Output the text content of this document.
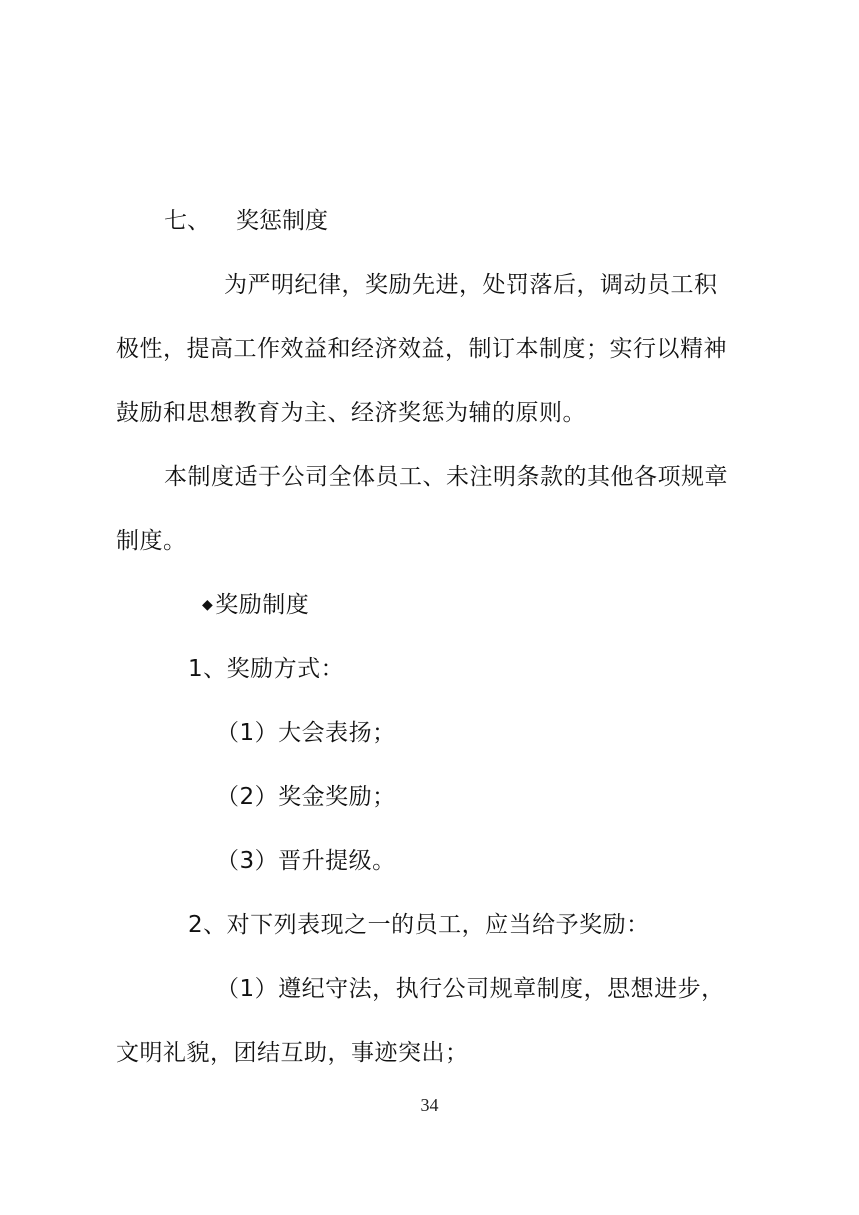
七、 奖惩制度
为严明纪律，奖励先进，处罚落后，调动员工积
极性，提高工作效益和经济效益，制订本制度；实行以精神
鼓励和思想教育为主、经济奖惩为辅的原则。
本制度适于公司全体员工、未注明条款的其他各项规章
制度。
◆奖励制度
1、奖励方式：
（1）大会表扬；
（2）奖金奖励；
（3）晋升提级。
2、对下列表现之一的员工，应当给予奖励：
（1）遵纪守法，执行公司规章制度，思想进步，
文明礼貌，团结互助，事迹突出；
34
